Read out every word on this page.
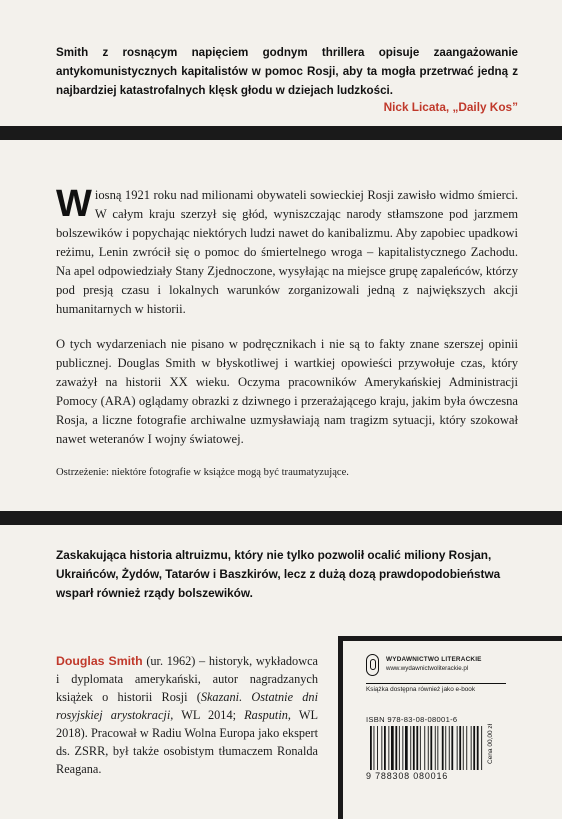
Smith z rosnącym napięciem godnym thrillera opisuje zaangażowanie antykomunistycznych kapitalistów w pomoc Rosji, aby ta mogła przetrwać jedną z najbardziej katastrofalnych klęsk głodu w dziejach ludzkości.
Nick Licata, „Daily Kos”
Wiosną 1921 roku nad milionami obywateli sowieckiej Rosji zawisło widmo śmierci. W całym kraju szerzył się głód, wyniszczając narody stłamszone pod jarzmem bolszewików i popychając niektórych ludzi nawet do kanibalizmu. Aby zapobiec upadkowi reżimu, Lenin zwrócił się o pomoc do śmiertelnego wroga – kapitalistycznego Zachodu. Na apel odpowiedziały Stany Zjednoczone, wysyłając na miejsce grupę zapaleńców, którzy pod presją czasu i lokalnych warunków zorganizowali jedną z największych akcji humanitarnych w historii.
O tych wydarzeniach nie pisano w podręcznikach i nie są to fakty znane szerszej opinii publicznej. Douglas Smith w błyskotliwej i wartkiej opowieści przywołuje czas, który zaważył na historii XX wieku. Oczyma pracowników Amerykańskiej Administracji Pomocy (ARA) oglądamy obrazki z dziwnego i przerażającego kraju, jakim była ówczesna Rosja, a liczne fotografie archiwalne uzmysławiają nam tragizm sytuacji, który szokował nawet weteranów I wojny światowej.
Ostrzeżenie: niektóre fotografie w książce mogą być traumatyzujące.
Zaskakująca historia altruizmu, który nie tylko pozwolił ocalić miliony Rosjan, Ukraińców, Żydów, Tatarów i Baszkirów, lecz z dużą dozą prawdopodobieństwa wsparł również rządy bolszewików.
Douglas Smith (ur. 1962) – historyk, wykładowca i dyplomata amerykański, autor nagradzanych książek o historii Rosji (Skazani. Ostatnie dni rosyjskiej arystokracji, WL 2014; Rasputin, WL 2018). Pracował w Radiu Wolna Europa jako ekspert ds. ZSRR, był także osobistym tłumaczem Ronalda Reagana.
WYDAWNICTWO LITERACKIE
www.wydawnictwoliterackie.pl
Książka dostępna również jako e-book
ISBN 978-83-08-08001-6
9 788308 080016
Cena 00,00 zł
